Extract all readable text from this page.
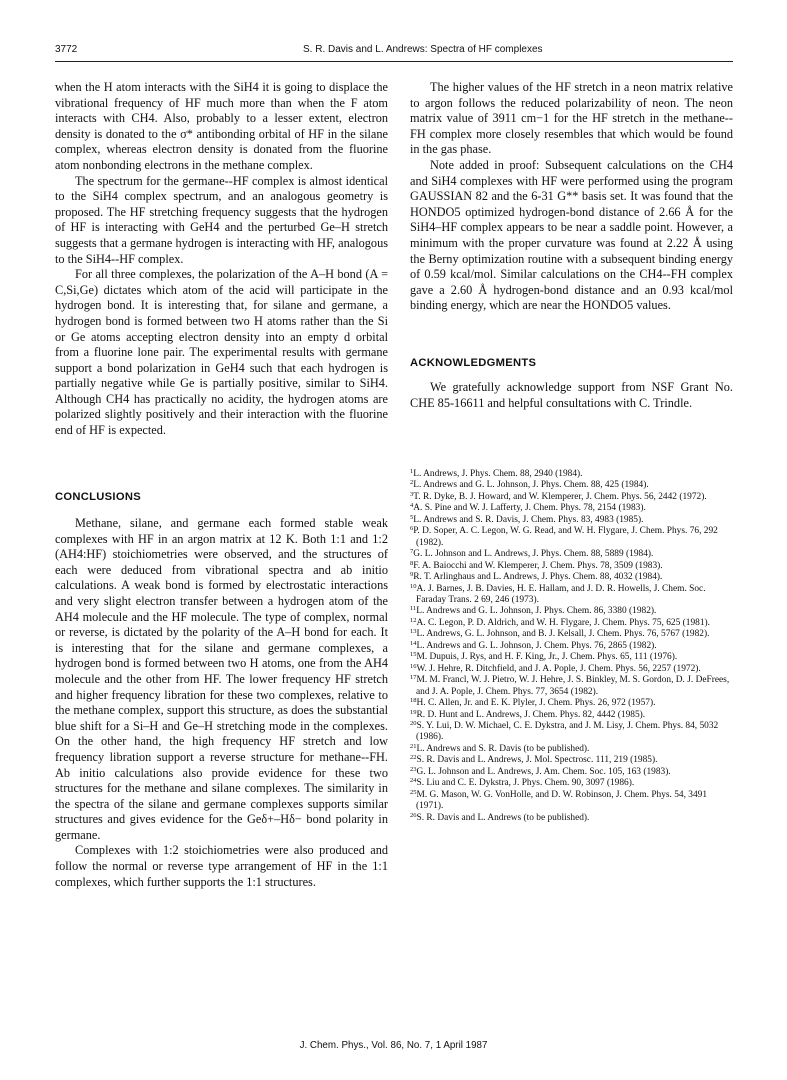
3772	S. R. Davis and L. Andrews: Spectra of HF complexes

when the H atom interacts with the SiH4 it is going to displace the vibrational frequency of HF much more than when the F atom interacts with CH4. Also, probably to a lesser extent, electron density is donated to the σ* antibonding orbital of HF in the silane complex, whereas electron density is donated from the fluorine atom nonbonding electrons in the methane complex.

The spectrum for the germane--HF complex is almost identical to the SiH4 complex spectrum, and an analogous geometry is proposed. The HF stretching frequency suggests that the hydrogen of HF is interacting with GeH4 and the perturbed Ge–H stretch suggests that a germane hydrogen is interacting with HF, analogous to the SiH4--HF complex.

For all three complexes, the polarization of the A–H bond (A = C,Si,Ge) dictates which atom of the acid will participate in the hydrogen bond. It is interesting that, for silane and germane, a hydrogen bond is formed between two H atoms rather than the Si or Ge atoms accepting electron density into an empty d orbital from a fluorine lone pair. The experimental results with germane support a bond polarization in GeH4 such that each hydrogen is partially negative while Ge is partially positive, similar to SiH4. Although CH4 has practically no acidity, the hydrogen atoms are polarized slightly positively and their interaction with the fluorine end of HF is expected.

CONCLUSIONS

Methane, silane, and germane each formed stable weak complexes with HF in an argon matrix at 12 K. Both 1:1 and 1:2 (AH4:HF) stoichiometries were observed, and the structures of each were deduced from vibrational spectra and ab initio calculations. A weak bond is formed by electrostatic interactions and very slight electron transfer between a hydrogen atom of the AH4 molecule and the HF molecule. The type of complex, normal or reverse, is dictated by the polarity of the A–H bond for each. It is interesting that for the silane and germane complexes, a hydrogen bond is formed between two H atoms, one from the AH4 molecule and the other from HF. The lower frequency HF stretch and higher frequency libration for these two complexes, relative to the methane complex, support this structure, as does the substantial blue shift for a Si–H and Ge–H stretching mode in the complexes. On the other hand, the high frequency HF stretch and low frequency libration support a reverse structure for methane--FH. Ab initio calculations also provide evidence for these two structures for the methane and silane complexes. The similarity in the spectra of the silane and germane complexes supports similar structures and gives evidence for the Geδ+–Hδ− bond polarity in germane.

Complexes with 1:2 stoichiometries were also produced and follow the normal or reverse type arrangement of HF in the 1:1 complexes, which further supports the 1:1 structures.

The higher values of the HF stretch in a neon matrix relative to argon follows the reduced polarizability of neon. The neon matrix value of 3911 cm−1 for the HF stretch in the methane--FH complex more closely resembles that which would be found in the gas phase.

Note added in proof: Subsequent calculations on the CH4 and SiH4 complexes with HF were performed using the program GAUSSIAN 82 and the 6-31 G** basis set. It was found that the HONDO5 optimized hydrogen-bond distance of 2.66 Å for the SiH4–HF complex appears to be near a saddle point. However, a minimum with the proper curvature was found at 2.22 Å using the Berny optimization routine with a subsequent binding energy of 0.59 kcal/mol. Similar calculations on the CH4--FH complex gave a 2.60 Å hydrogen-bond distance and an 0.93 kcal/mol binding energy, which are near the HONDO5 values.

ACKNOWLEDGMENTS

We gratefully acknowledge support from NSF Grant No. CHE 85-16611 and helpful consultations with C. Trindle.

$^1$L. Andrews, J. Phys. Chem. 88, 2940 (1984).
$^2$L. Andrews and G. L. Johnson, J. Phys. Chem. 88, 425 (1984).
$^3$T. R. Dyke, B. J. Howard, and W. Klemperer, J. Chem. Phys. 56, 2442 (1972).
$^4$A. S. Pine and W. J. Lafferty, J. Chem. Phys. 78, 2154 (1983).
$^5$L. Andrews and S. R. Davis, J. Chem. Phys. 83, 4983 (1985).
$^6$P. D. Soper, A. C. Legon, W. G. Read, and W. H. Flygare, J. Chem. Phys. 76, 292 (1982).
$^7$G. L. Johnson and L. Andrews, J. Phys. Chem. 88, 5889 (1984).
$^8$F. A. Baiocchi and W. Klemperer, J. Chem. Phys. 78, 3509 (1983).
$^9$R. T. Arlinghaus and L. Andrews, J. Phys. Chem. 88, 4032 (1984).
$^{10}$A. J. Barnes, J. B. Davies, H. E. Hallam, and J. D. R. Howells, J. Chem. Soc. Faraday Trans. 2 69, 246 (1973).
$^{11}$L. Andrews and G. L. Johnson, J. Phys. Chem. 86, 3380 (1982).
$^{12}$A. C. Legon, P. D. Aldrich, and W. H. Flygare, J. Chem. Phys. 75, 625 (1981).
$^{13}$L. Andrews, G. L. Johnson, and B. J. Kelsall, J. Chem. Phys. 76, 5767 (1982).
$^{14}$L. Andrews and G. L. Johnson, J. Chem. Phys. 76, 2865 (1982).
$^{15}$M. Dupuis, J. Rys, and H. F. King, Jr., J. Chem. Phys. 65, 111 (1976).
$^{16}$W. J. Hehre, R. Ditchfield, and J. A. Pople, J. Chem. Phys. 56, 2257 (1972).
$^{17}$M. M. Francl, W. J. Pietro, W. J. Hehre, J. S. Binkley, M. S. Gordon, D. J. DeFrees, and J. A. Pople, J. Chem. Phys. 77, 3654 (1982).
$^{18}$H. C. Allen, Jr. and E. K. Plyler, J. Chem. Phys. 26, 972 (1957).
$^{19}$R. D. Hunt and L. Andrews, J. Chem. Phys. 82, 4442 (1985).
$^{20}$S. Y. Lui, D. W. Michael, C. E. Dykstra, and J. M. Lisy, J. Chem. Phys. 84, 5032 (1986).
$^{21}$L. Andrews and S. R. Davis (to be published).
$^{22}$S. R. Davis and L. Andrews, J. Mol. Spectrosc. 111, 219 (1985).
$^{23}$G. L. Johnson and L. Andrews, J. Am. Chem. Soc. 105, 163 (1983).
$^{24}$S. Liu and C. E. Dykstra, J. Phys. Chem. 90, 3097 (1986).
$^{25}$M. G. Mason, W. G. VonHolle, and D. W. Robinson, J. Chem. Phys. 54, 3491 (1971).
$^{26}$S. R. Davis and L. Andrews (to be published).
J. Chem. Phys., Vol. 86, No. 7, 1 April 1987
